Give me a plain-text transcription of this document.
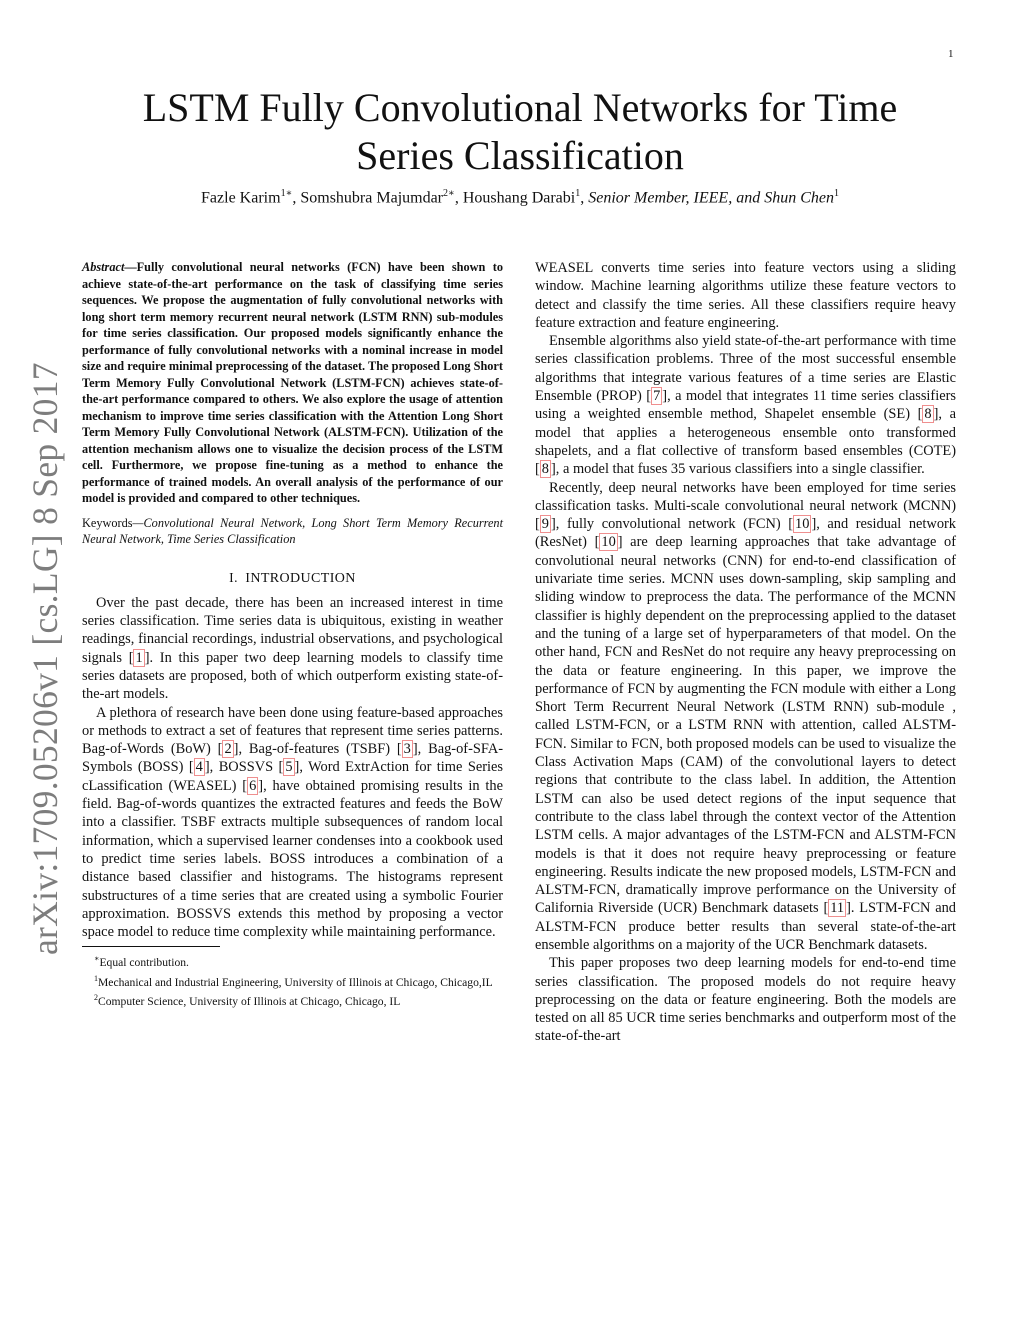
1
arXiv:1709.05206v1 [cs.LG] 8 Sep 2017
LSTM Fully Convolutional Networks for Time Series Classification
Fazle Karim$^{1∗}$, Somshubra Majumdar$^{2∗}$, Houshang Darabi$^1$, Senior Member, IEEE, and Shun Chen$^1$

Abstract—Fully convolutional neural networks (FCN) have been shown to achieve state-of-the-art performance on the task of classifying time series sequences. We propose the augmentation of fully convolutional networks with long short term memory recurrent neural network (LSTM RNN) sub-modules for time series classification. Our proposed models significantly enhance the performance of fully convolutional networks with a nominal increase in model size and require minimal preprocessing of the dataset. The proposed Long Short Term Memory Fully Convolutional Network (LSTM-FCN) achieves state-of-the-art performance compared to others. We also explore the usage of attention mechanism to improve time series classification with the Attention Long Short Term Memory Fully Convolutional Network (ALSTM-FCN). Utilization of the attention mechanism allows one to visualize the decision process of the LSTM cell. Furthermore, we propose fine-tuning as a method to enhance the performance of trained models. An overall analysis of the performance of our model is provided and compared to other techniques.

Keywords—Convolutional Neural Network, Long Short Term Memory Recurrent Neural Network, Time Series Classification

I. INTRODUCTION

Over the past decade, there has been an increased interest in time series classification. Time series data is ubiquitous, existing in weather readings, financial recordings, industrial observations, and psychological signals [ 1 ]. In this paper two deep learning models to classify time series datasets are proposed, both of which outperform existing state-of-the-art models.

A plethora of research have been done using feature-based approaches or methods to extract a set of features that represent time series patterns. Bag-of-Words (BoW) [ 2 ], Bag-of-features (TSBF) [ 3 ], Bag-of-SFA-Symbols (BOSS) [ 4 ], BOSSVS [ 5 ], Word ExtrAction for time Series cLassification (WEASEL) [ 6 ], have obtained promising results in the field. Bag-of-words quantizes the extracted features and feeds the BoW into a classifier. TSBF extracts multiple subsequences of random local information, which a supervised learner condenses into a cookbook used to predict time series labels. BOSS introduces a combination of a distance based classifier and histograms. The histograms represent substructures of a time series that are created using a symbolic Fourier approximation. BOSSVS extends this method by proposing a vector space model to reduce time complexity while maintaining performance.

∗Equal contribution.
$^1$Mechanical and Industrial Engineering, University of Illinois at Chicago, Chicago,IL
$^2$Computer Science, University of Illinois at Chicago, Chicago, IL

WEASEL converts time series into feature vectors using a sliding window. Machine learning algorithms utilize these feature vectors to detect and classify the time series. All these classifiers require heavy feature extraction and feature engineering.

Ensemble algorithms also yield state-of-the-art performance with time series classification problems. Three of the most successful ensemble algorithms that integrate various features of a time series are Elastic Ensemble (PROP) [ 7 ], a model that integrates 11 time series classifiers using a weighted ensemble method, Shapelet ensemble (SE) [ 8 ], a model that applies a heterogeneous ensemble onto transformed shapelets, and a flat collective of transform based ensembles (COTE) [ 8 ], a model that fuses 35 various classifiers into a single classifier.

Recently, deep neural networks have been employed for time series classification tasks. Multi-scale convolutional neural network (MCNN) [ 9 ], fully convolutional network (FCN) [ 10 ], and residual network (ResNet) [ 10 ] are deep learning approaches that take advantage of convolutional neural networks (CNN) for end-to-end classification of univariate time series. MCNN uses down-sampling, skip sampling and sliding window to preprocess the data. The performance of the MCNN classifier is highly dependent on the preprocessing applied to the dataset and the tuning of a large set of hyperparameters of that model. On the other hand, FCN and ResNet do not require any heavy preprocessing on the data or feature engineering. In this paper, we improve the performance of FCN by augmenting the FCN module with either a Long Short Term Recurrent Neural Network (LSTM RNN) sub-module , called LSTM-FCN, or a LSTM RNN with attention, called ALSTM-FCN. Similar to FCN, both proposed models can be used to visualize the Class Activation Maps (CAM) of the convolutional layers to detect regions that contribute to the class label. In addition, the Attention LSTM can also be used detect regions of the input sequence that contribute to the class label through the context vector of the Attention LSTM cells. A major advantages of the LSTM-FCN and ALSTM-FCN models is that it does not require heavy preprocessing or feature engineering. Results indicate the new proposed models, LSTM-FCN and ALSTM-FCN, dramatically improve performance on the University of California Riverside (UCR) Benchmark datasets [ 11 ]. LSTM-FCN and ALSTM-FCN produce better results than several state-of-the-art ensemble algorithms on a majority of the UCR Benchmark datasets.

This paper proposes two deep learning models for end-to-end time series classification. The proposed models do not require heavy preprocessing on the data or feature engineering. Both the models are tested on all 85 UCR time series benchmarks and outperform most of the state-of-the-art
